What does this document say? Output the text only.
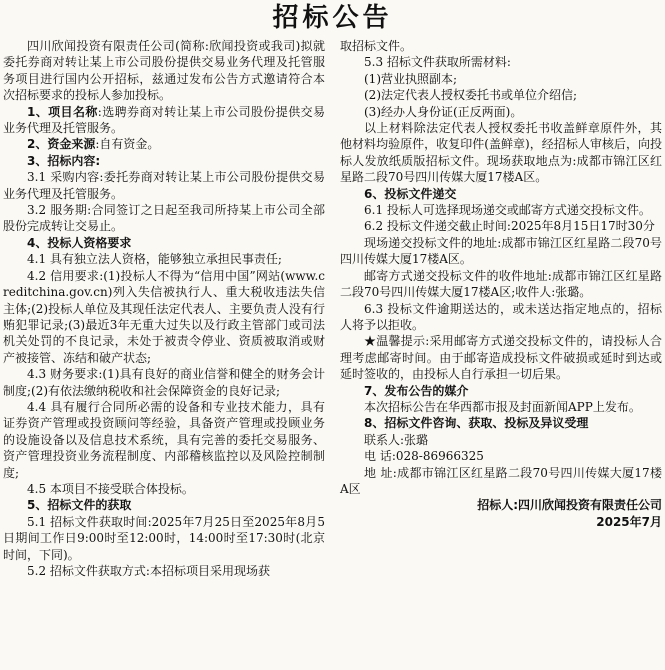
招标公告

四川欣闻投资有限责任公司(简称:欣闻投资或我司)拟就委托券商对转让某上市公司股份提供交易业务代理及托管服务项目进行国内公开招标，兹通过发布公告方式邀请符合本次招标要求的投标人参加投标。

1、项目名称:选聘券商对转让某上市公司股份提供交易业务代理及托管服务。

2、资金来源:自有资金。

3、招标内容:

3.1 采购内容:委托券商对转让某上市公司股份提供交易业务代理及托管服务。

3.2 服务期:合同签订之日起至我司所持某上市公司全部股份完成转让交易止。

4、投标人资格要求

4.1 具有独立法人资格，能够独立承担民事责任;

4.2 信用要求:(1)投标人不得为“信用中国”网站(www.creditchina.gov.cn)列入失信被执行人、重大税收违法失信主体;(2)投标人单位及其现任法定代表人、主要负责人没有行贿犯罪记录;(3)最近3年无重大过失以及行政主管部门或司法机关处罚的不良记录，未处于被责令停业、资质被取消或财产被接管、冻结和破产状态;

4.3 财务要求:(1)具有良好的商业信誉和健全的财务会计制度;(2)有依法缴纳税收和社会保障资金的良好记录;

4.4 具有履行合同所必需的设备和专业技术能力，具有证券资产管理或投资顾问等经验，具备资产管理或投顾业务的设施设备以及信息技术系统，具有完善的委托交易服务、资产管理投资业务流程制度、内部稽核监控以及风险控制制度;

4.5 本项目不接受联合体投标。

5、招标文件的获取

5.1 招标文件获取时间:2025年7月25日至2025年8月5日期间工作日9:00时至12:00时，14:00时至17:30时(北京时间，下同)。

5.2 招标文件获取方式:本招标项目采用现场获

取招标文件。

5.3 招标文件获取所需材料:

(1)营业执照副本;

(2)法定代表人授权委托书或单位介绍信;

(3)经办人身份证(正反两面)。

以上材料除法定代表人授权委托书收盖鲜章原件外，其他材料均验原件，收复印件(盖鲜章)，经招标人审核后，向投标人发放纸质版招标文件。现场获取地点为:成都市锦江区红星路二段70号四川传媒大厦17楼A区。

6、投标文件递交

6.1 投标人可选择现场递交或邮寄方式递交投标文件。

6.2 投标文件递交截止时间:2025年8月15日17时30分

现场递交投标文件的地址:成都市锦江区红星路二段70号四川传媒大厦17楼A区。

邮寄方式递交投标文件的收件地址:成都市锦江区红星路二段70号四川传媒大厦17楼A区;收件人:张璐。

6.3 投标文件逾期送达的，或未送达指定地点的，招标人将予以拒收。

★温馨提示:采用邮寄方式递交投标文件的，请投标人合理考虑邮寄时间。由于邮寄造成投标文件破损或延时到达或延时签收的，由投标人自行承担一切后果。

7、发布公告的媒介

本次招标公告在华西都市报及封面新闻APP上发布。

8、招标文件咨询、获取、投标及异议受理

联系人:张璐

电 话:028-86966325

地 址:成都市锦江区红星路二段70号四川传媒大厦17楼A区

招标人:四川欣闻投资有限责任公司

2025年7月
